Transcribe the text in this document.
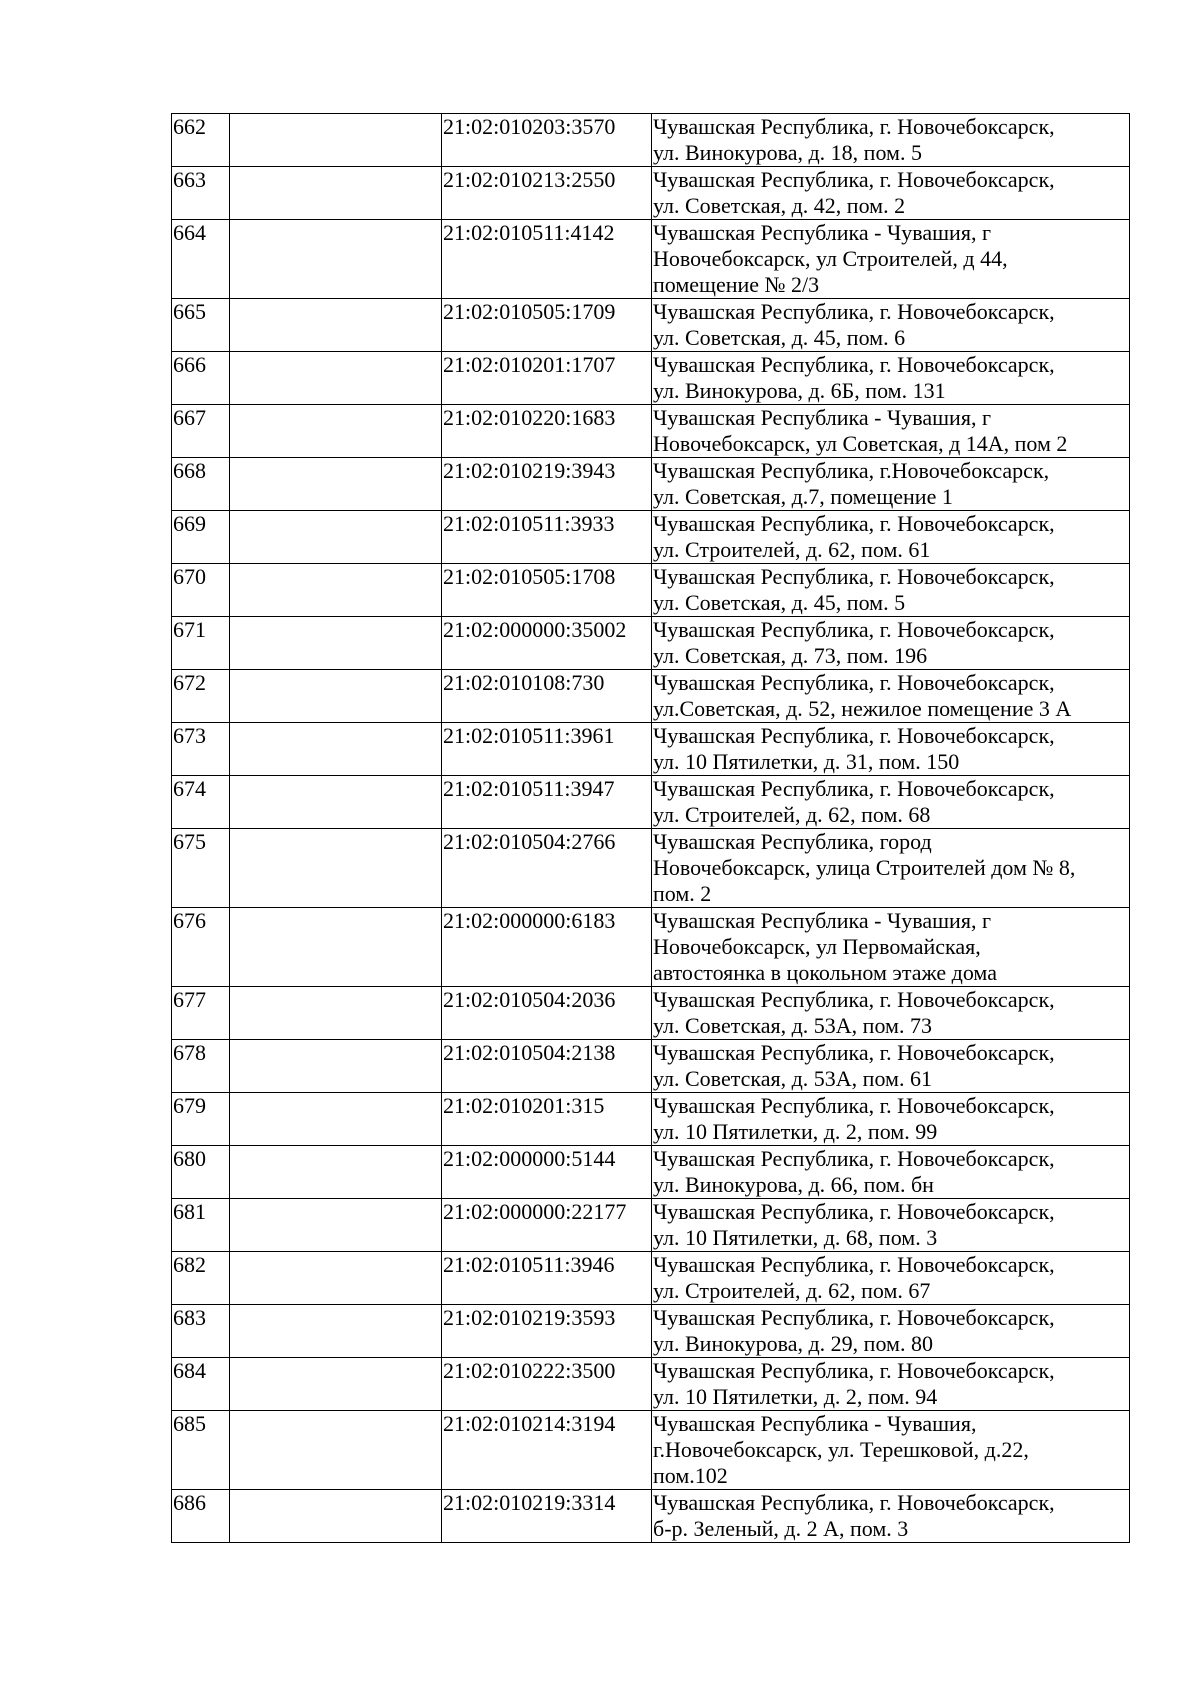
662		21:02:010203:3570	Чувашская Республика, г. Новочебоксарск,
ул. Винокурова, д. 18, пом. 5

663		21:02:010213:2550	Чувашская Республика, г. Новочебоксарск,
ул. Советская, д. 42, пом. 2

664		21:02:010511:4142	Чувашская Республика - Чувашия, г
Новочебоксарск, ул Строителей, д 44,
помещение № 2/3

665		21:02:010505:1709	Чувашская Республика, г. Новочебоксарск,
ул. Советская, д. 45, пом. 6

666		21:02:010201:1707	Чувашская Республика, г. Новочебоксарск,
ул. Винокурова, д. 6Б, пом. 131

667		21:02:010220:1683	Чувашская Республика - Чувашия, г
Новочебоксарск, ул Советская, д 14А, пом 2

668		21:02:010219:3943	Чувашская Республика, г.Новочебоксарск,
ул. Советская, д.7, помещение 1

669		21:02:010511:3933	Чувашская Республика, г. Новочебоксарск,
ул. Строителей, д. 62, пом. 61

670		21:02:010505:1708	Чувашская Республика, г. Новочебоксарск,
ул. Советская, д. 45, пом. 5

671		21:02:000000:35002	Чувашская Республика, г. Новочебоксарск,
ул. Советская, д. 73, пом. 196

672		21:02:010108:730	Чувашская Республика, г. Новочебоксарск,
ул.Советская, д. 52, нежилое помещение 3 А

673		21:02:010511:3961	Чувашская Республика, г. Новочебоксарск,
ул. 10 Пятилетки, д. 31, пом. 150

674		21:02:010511:3947	Чувашская Республика, г. Новочебоксарск,
ул. Строителей, д. 62, пом. 68

675		21:02:010504:2766	Чувашская Республика, город
Новочебоксарск, улица Строителей дом № 8,
пом. 2

676		21:02:000000:6183	Чувашская Республика - Чувашия, г
Новочебоксарск, ул Первомайская,
автостоянка в цокольном этаже дома

677		21:02:010504:2036	Чувашская Республика, г. Новочебоксарск,
ул. Советская, д. 53А, пом. 73

678		21:02:010504:2138	Чувашская Республика, г. Новочебоксарск,
ул. Советская, д. 53А, пом. 61

679		21:02:010201:315	Чувашская Республика, г. Новочебоксарск,
ул. 10 Пятилетки, д. 2, пом. 99

680		21:02:000000:5144	Чувашская Республика, г. Новочебоксарск,
ул. Винокурова, д. 66, пом. бн

681		21:02:000000:22177	Чувашская Республика, г. Новочебоксарск,
ул. 10 Пятилетки, д. 68, пом. 3

682		21:02:010511:3946	Чувашская Республика, г. Новочебоксарск,
ул. Строителей, д. 62, пом. 67

683		21:02:010219:3593	Чувашская Республика, г. Новочебоксарск,
ул. Винокурова, д. 29, пом. 80

684		21:02:010222:3500	Чувашская Республика, г. Новочебоксарск,
ул. 10 Пятилетки, д. 2, пом. 94

685		21:02:010214:3194	Чувашская Республика - Чувашия,
г.Новочебоксарск, ул. Терешковой, д.22,
пом.102

686		21:02:010219:3314	Чувашская Республика, г. Новочебоксарск,
б-р. Зеленый, д. 2 А, пом. 3
